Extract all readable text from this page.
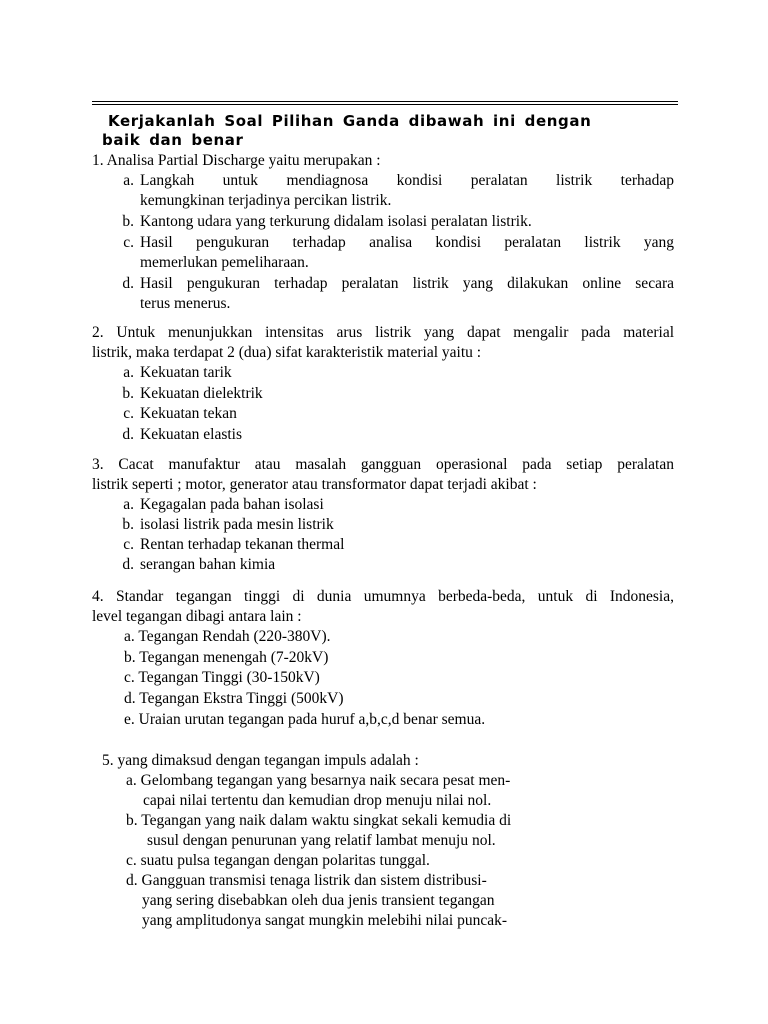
Kerjakanlah Soal Pilihan Ganda dibawah ini dengan
baik dan benar
1. Analisa Partial Discharge yaitu merupakan :
a. Langkah untuk mendiagnosa kondisi peralatan listrik terhadap
kemungkinan terjadinya percikan listrik.
b. Kantong udara yang terkurung didalam isolasi peralatan listrik.
c. Hasil pengukuran terhadap analisa kondisi peralatan listrik yang
memerlukan pemeliharaan.
d. Hasil pengukuran terhadap peralatan listrik yang dilakukan online secara
terus menerus.
2. Untuk menunjukkan intensitas arus listrik yang dapat mengalir pada material
listrik, maka terdapat 2 (dua) sifat karakteristik material yaitu :
a. Kekuatan tarik
b. Kekuatan dielektrik
c. Kekuatan tekan
d. Kekuatan elastis
3. Cacat manufaktur atau masalah gangguan operasional pada setiap peralatan
listrik seperti ; motor, generator atau transformator dapat terjadi akibat :
a. Kegagalan pada bahan isolasi
b. isolasi listrik pada mesin listrik
c. Rentan terhadap tekanan thermal
d. serangan bahan kimia
4. Standar tegangan tinggi di dunia umumnya berbeda-beda, untuk di Indonesia,
level tegangan dibagi antara lain :
a. Tegangan Rendah (220-380V).
b. Tegangan menengah (7-20kV)
c. Tegangan Tinggi (30-150kV)
d. Tegangan Ekstra Tinggi (500kV)
e. Uraian urutan tegangan pada huruf a,b,c,d benar semua.
5. yang dimaksud dengan tegangan impuls adalah :
a. Gelombang tegangan yang besarnya naik secara pesat men-
capai nilai tertentu dan kemudian drop menuju nilai nol.
b. Tegangan yang naik dalam waktu singkat sekali kemudia di
susul dengan penurunan yang relatif lambat menuju nol.
c. suatu pulsa tegangan dengan polaritas tunggal.
d. Gangguan transmisi tenaga listrik dan sistem distribusi-
yang sering disebabkan oleh dua jenis transient tegangan
yang amplitudonya sangat mungkin melebihi nilai puncak-
